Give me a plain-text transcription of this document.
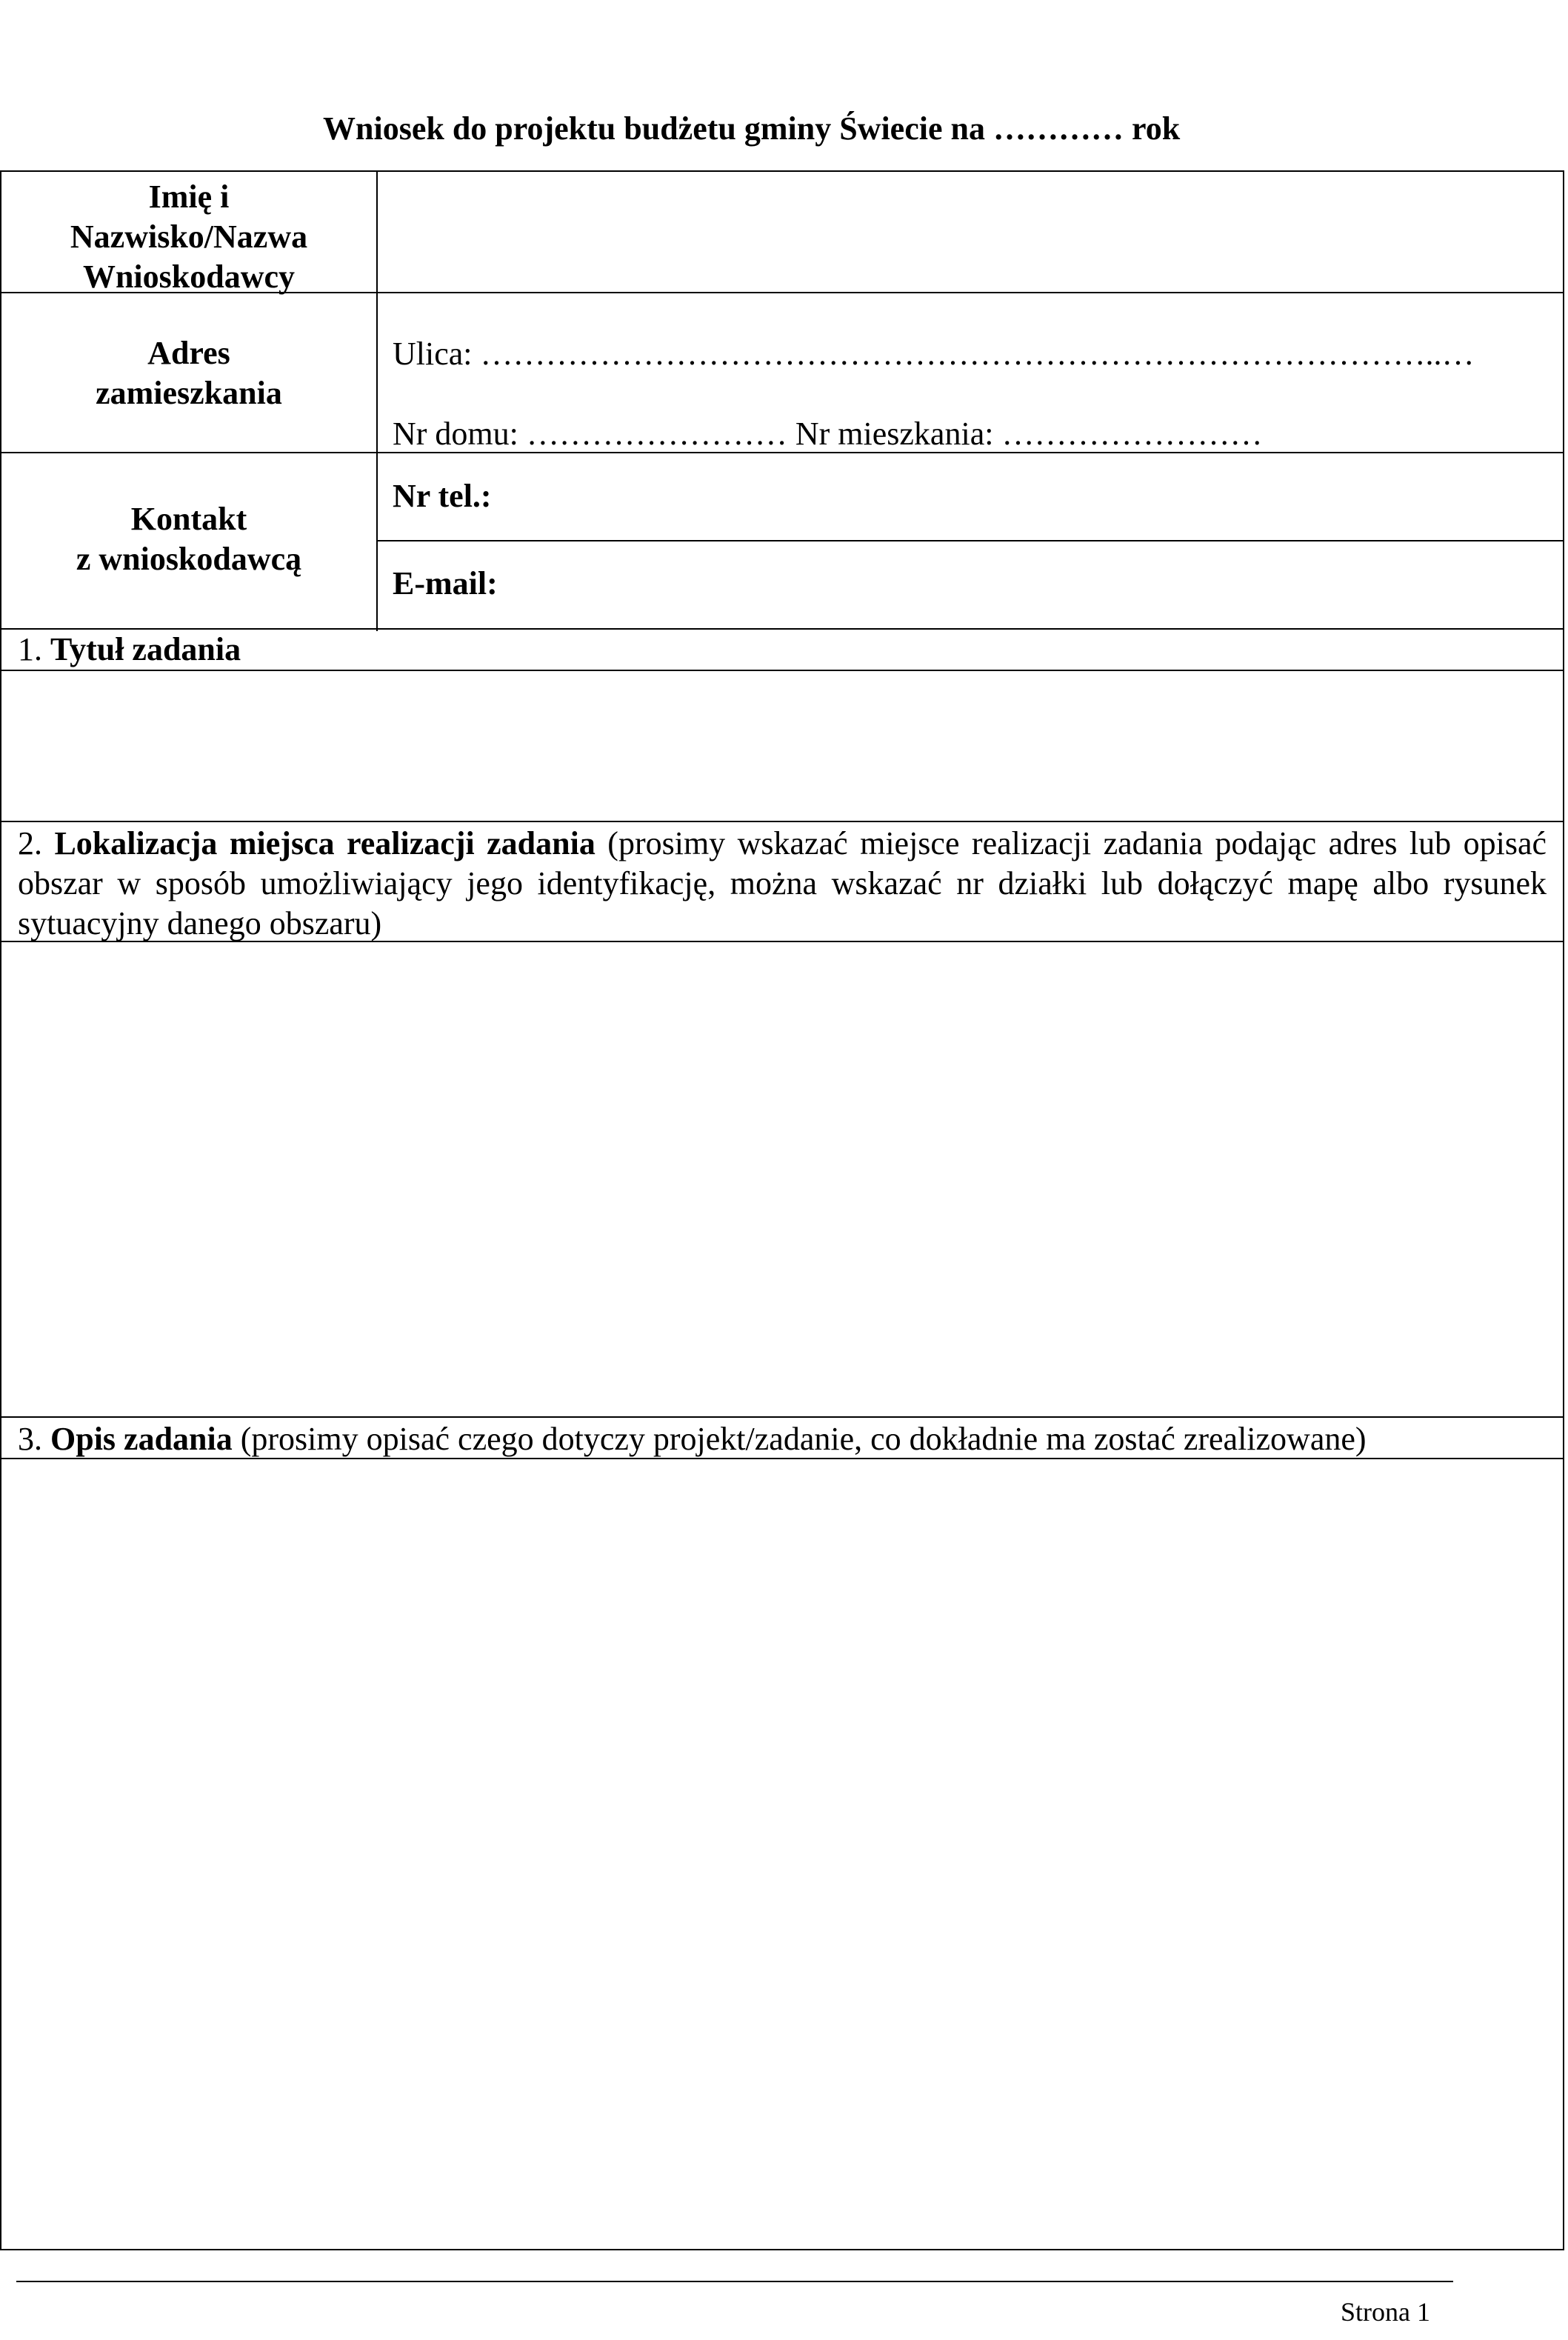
Wniosek do projektu budżetu gminy Świecie na ………… rok
Imię i
Nazwisko/Nazwa
Wnioskodawcy
Adres
zamieszkania
Ulica: ……………………………………………………………………………..…
Nr domu: …………………… Nr mieszkania: ……………………
Kontakt
z wnioskodawcą
Nr tel.:
E-mail:
1. Tytuł zadania
2. Lokalizacja miejsca realizacji zadania (prosimy wskazać miejsce realizacji zadania podając adres lub opisać obszar w sposób umożliwiający jego identyfikację, można wskazać nr działki lub dołączyć mapę albo rysunek sytuacyjny danego obszaru)
3. Opis zadania (prosimy opisać czego dotyczy projekt/zadanie, co dokładnie ma zostać zrealizowane)
Strona 1
